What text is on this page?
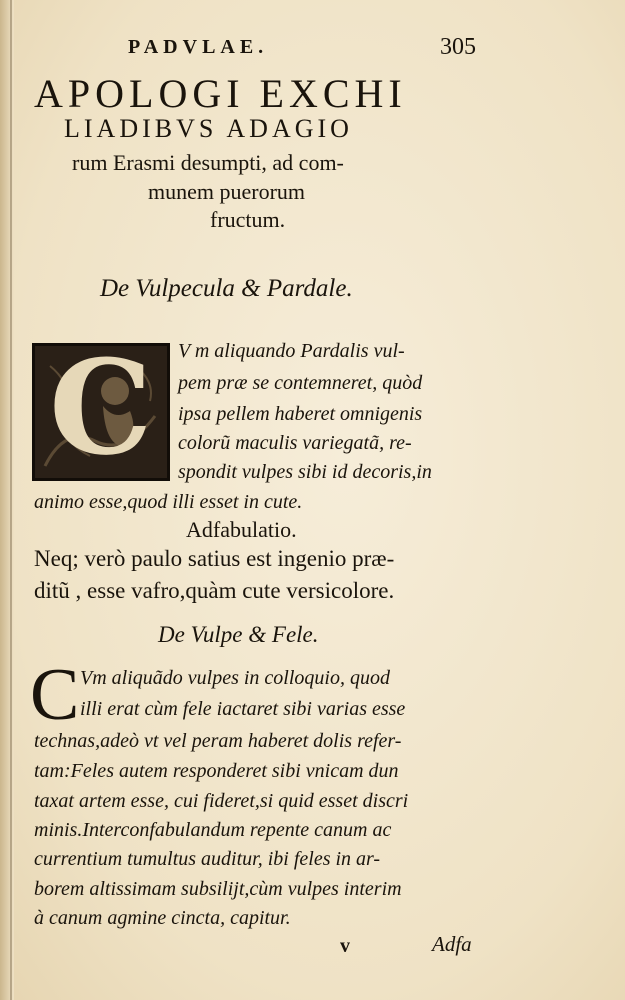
PADVLAE.	305
APOLOGI EXCHI
LIADIBVS ADAGIO
rum Erasmi desumpti, ad com-
munem puerorum
fructum.
De Vulpecula & Pardale.
C V m aliquando Pardalis vul-
pem præ se contemneret, quòd
ipsa pellem haberet omnigenis
colorũ maculis variegatã, re-
spondit vulpes sibi id decoris,in
animo esse,quod illi esset in cute.
Adfabulatio.
Neq; verò paulo satius est ingenio præ-
ditũ , esse vafro,quàm cute versicolore.
De Vulpe & Fele.
C Vm aliquãdo vulpes in colloquio, quod
illi erat cùm fele iactaret sibi varias esse
technas,adeò vt vel peram haberet dolis refer-
tam:Feles autem responderet sibi vnicam dun
taxat artem esse, cui fideret,si quid esset discri
minis.Interconfabulandum repente canum ac
currentium tumultus auditur, ibi feles in ar-
borem altissimam subsilijt,cùm vulpes interim
à canum agmine cincta, capitur.
v	Adfa
